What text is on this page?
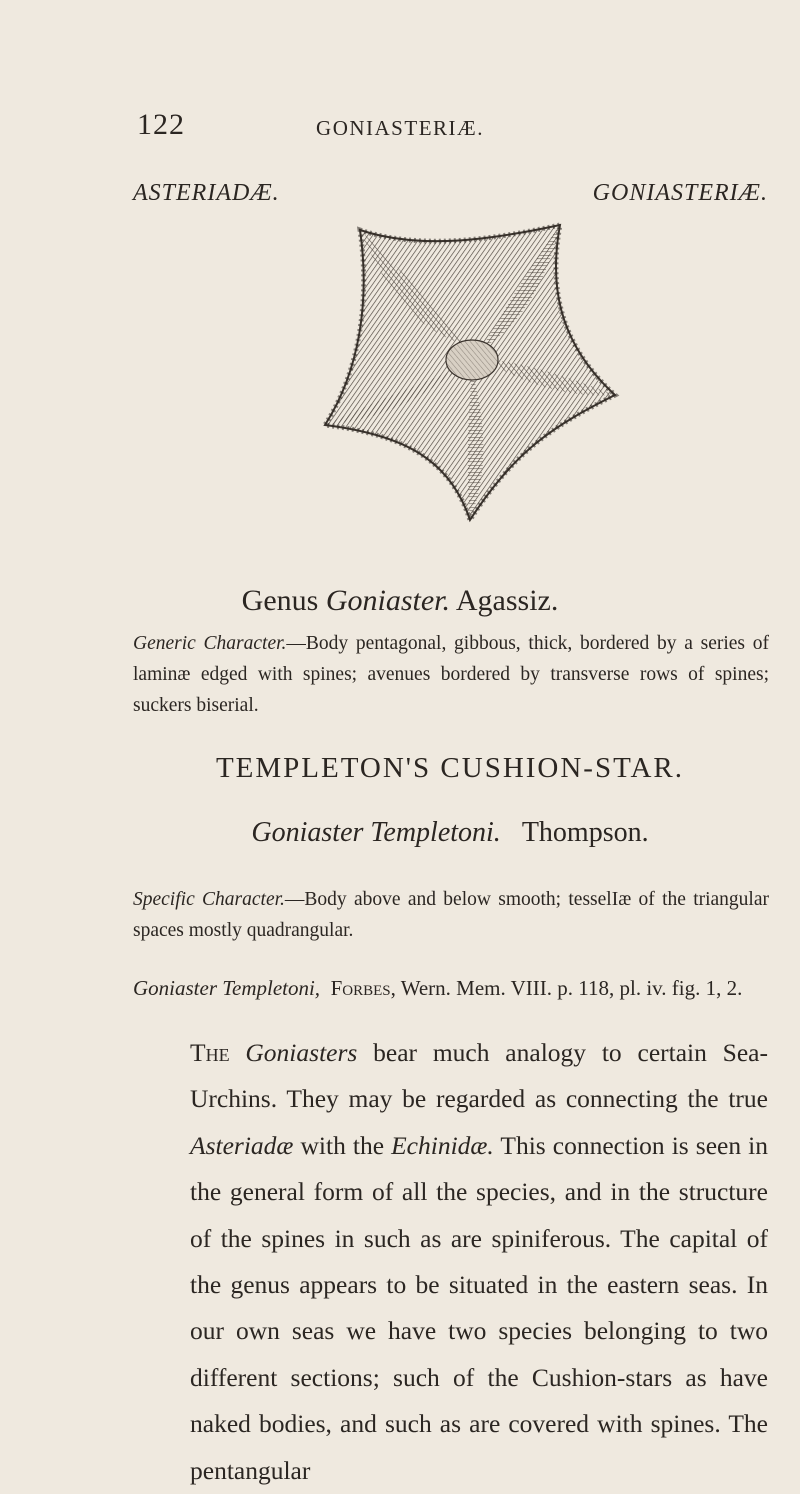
122	GONIASTERIÆ.
ASTERIADÆ.	GONIASTERIÆ.
Genus Goniaster. Agassiz.
Generic Character.—Body pentagonal, gibbous, thick, bordered by a series of laminæ edged with spines; avenues bordered by transverse rows of spines; suckers biserial.
TEMPLETON'S CUSHION-STAR.
Goniaster Templetoni. Thompson.
Specific Character.—Body above and below smooth; tesselIæ of the triangular spaces mostly quadrangular.
Goniaster Templetoni, Forbes, Wern. Mem. VIII. p. 118, pl. iv. fig. 1, 2.
The Goniasters bear much analogy to certain Sea-Urchins. They may be regarded as connecting the true Asteriadæ with the Echinidæ. This connection is seen in the general form of all the species, and in the structure of the spines in such as are spiniferous. The capital of the genus appears to be situated in the eastern seas. In our own seas we have two species belonging to two different sections; such of the Cushion-stars as have naked bodies, and such as are covered with spines. The pentangular
